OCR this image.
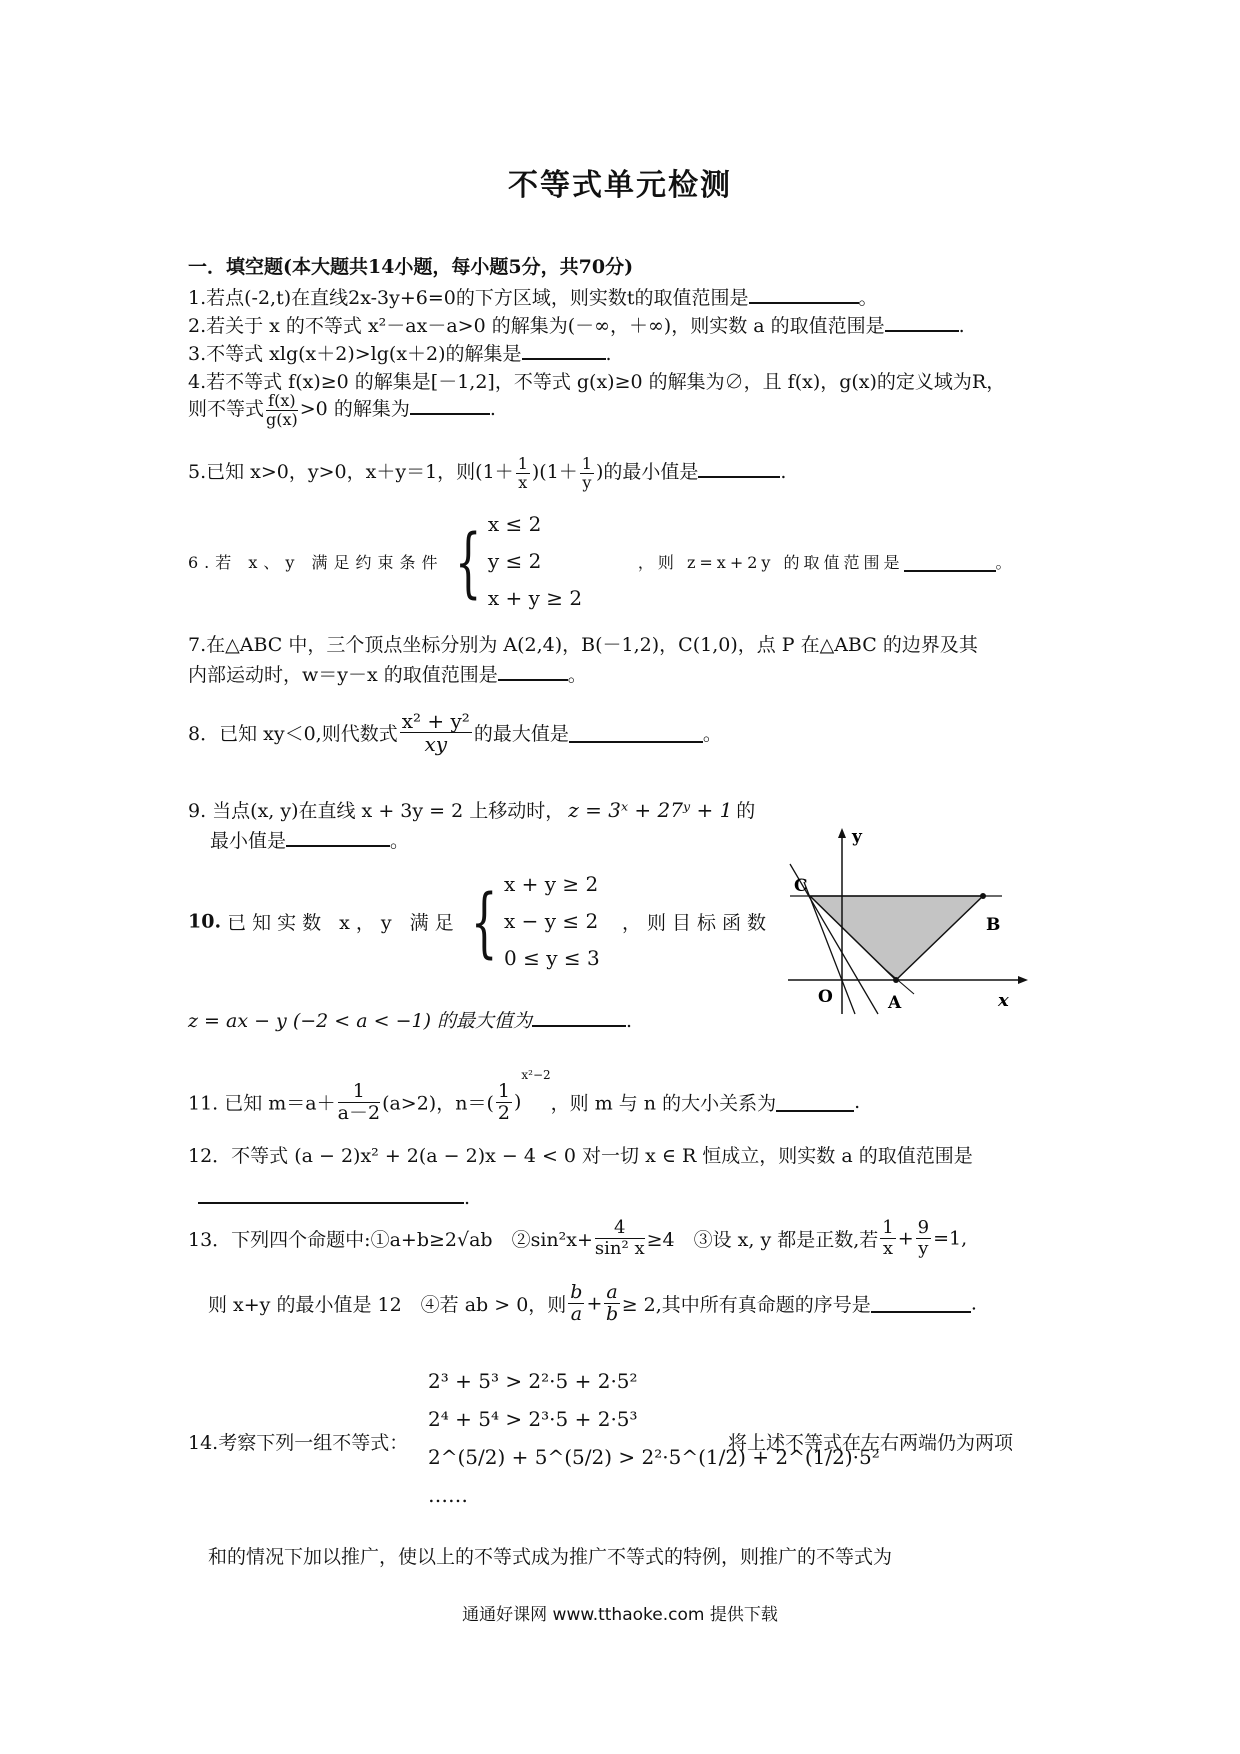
不等式单元检测
一．填空题(本大题共14小题，每小题5分，共70分)
1.若点(-2,t)在直线2x-3y+6=0的下方区域，则实数t的取值范围是	。
2.若关于 x 的不等式 x²－ax－a>0 的解集为(－∞，＋∞)，则实数 a 的取值范围是	.
3.不等式 xlg(x＋2)>lg(x＋2)的解集是	.
4.若不等式 f(x)≥0 的解集是[－1,2]，不等式 g(x)≥0 的解集为∅，且 f(x)，g(x)的定义域为R，
则不等式 $\frac{f(x)}{g(x)} >0$ 的解集为	.
5.已知 x>0，y>0，x＋y＝1，则$(1+ \frac{1}{x} )(1+ \frac{1}{y}$ )的最小值是	.
6.若 x、y 满足约束条件 { x ≤ 2
y ≤ 2
x + y ≥ 2
，则 z=x+2y 的取值范围是	。
7.在△ABC 中，三个顶点坐标分别为 A(2,4)，B(－1,2)，C(1,0)，点 P 在△ABC 的边界及其
内部运动时，w＝y－x 的取值范围是	。
8．已知 xy＜0,则代数式 $\frac{\text{x² + y²}}{xy}$ 的最大值是	。
9. 当点(x, y)在直线 x + 3y = 2 上移动时， z = 3ˣ + 27ʸ + 1 的
最小值是	。
10. 已知实数 x，y 满足 { x + y ≥ 2
x − y ≤ 2
0 ≤ y ≤ 3
，则目标函数
z = ax − y (−2 < a < −1) 的最大值为	.
y
C
B
O	A	x
11. 已知 $m=a+ \frac{1}{a-2} (a>2)$，$n=( \frac{1}{2} )^{x^2-2}$，则 m 与 n 的大小关系为	.
12．不等式 (a − 2)x² + 2(a − 2)x − 4 < 0 对一切 x ∈ R 恒成立，则实数 a 的取值范围是
.
13．下列四个命题中:①a+b≥2√ab　②sin²x+ $\frac{4}{\text{sin² x}} \ge 4$　③设 x, y 都是正数,若 $\frac{1}{x} + \frac{9}{y} =1$,
则 x+y 的最小值是 12　④若 ab > 0，则 $\frac{b}{a} + \frac{a}{b} \ge 2$,其中所有真命题的序号是	.
2³ + 5³ > 2²·5 + 2·5²
2⁴ + 5⁴ > 2³·5 + 2·5³
2^(5/2) + 5^(5/2) > 2²·5^(1/2) + 2^(1/2)·5²
……
14.考察下列一组不等式：	将上述不等式在左右两端仍为两项
和的情况下加以推广，使以上的不等式成为推广不等式的特例，则推广的不等式为
通通好课网 www.tthaoke.com 提供下载
